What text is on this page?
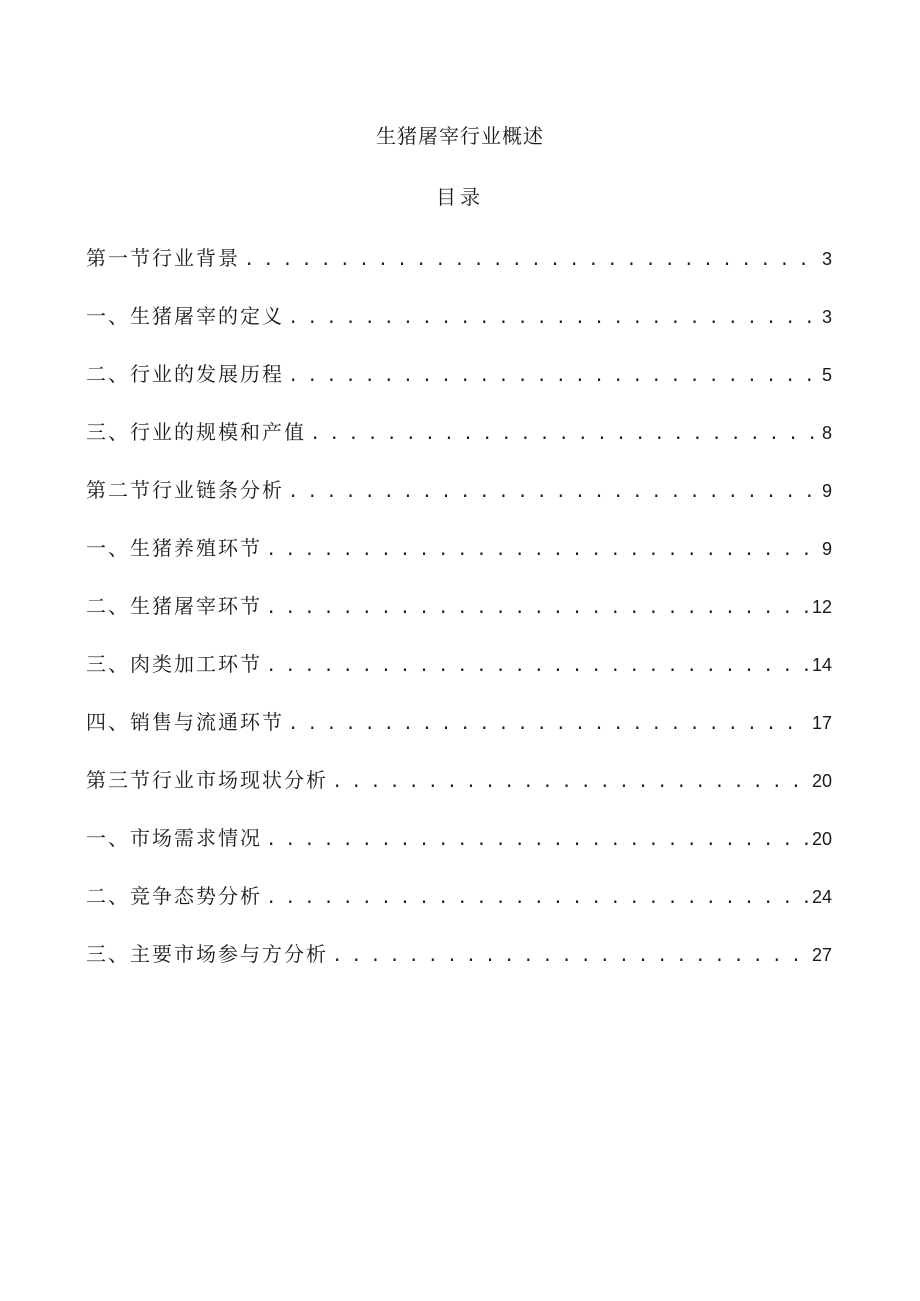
生猪屠宰行业概述
目录
第一节行业背景 . . .	3
一、生猪屠宰的定义 . . .	3
二、行业的发展历程 . . .	5
三、行业的规模和产值 . . .	8
第二节行业链条分析 . . .	9
一、生猪养殖环节 . . .	9
二、生猪屠宰环节 . . .	12
三、肉类加工环节 . . .	14
四、销售与流通环节 . . .	17
第三节行业市场现状分析 . . .	20
一、市场需求情况 . . .	20
二、竞争态势分析 . . .	24
三、主要市场参与方分析 . . .	27
